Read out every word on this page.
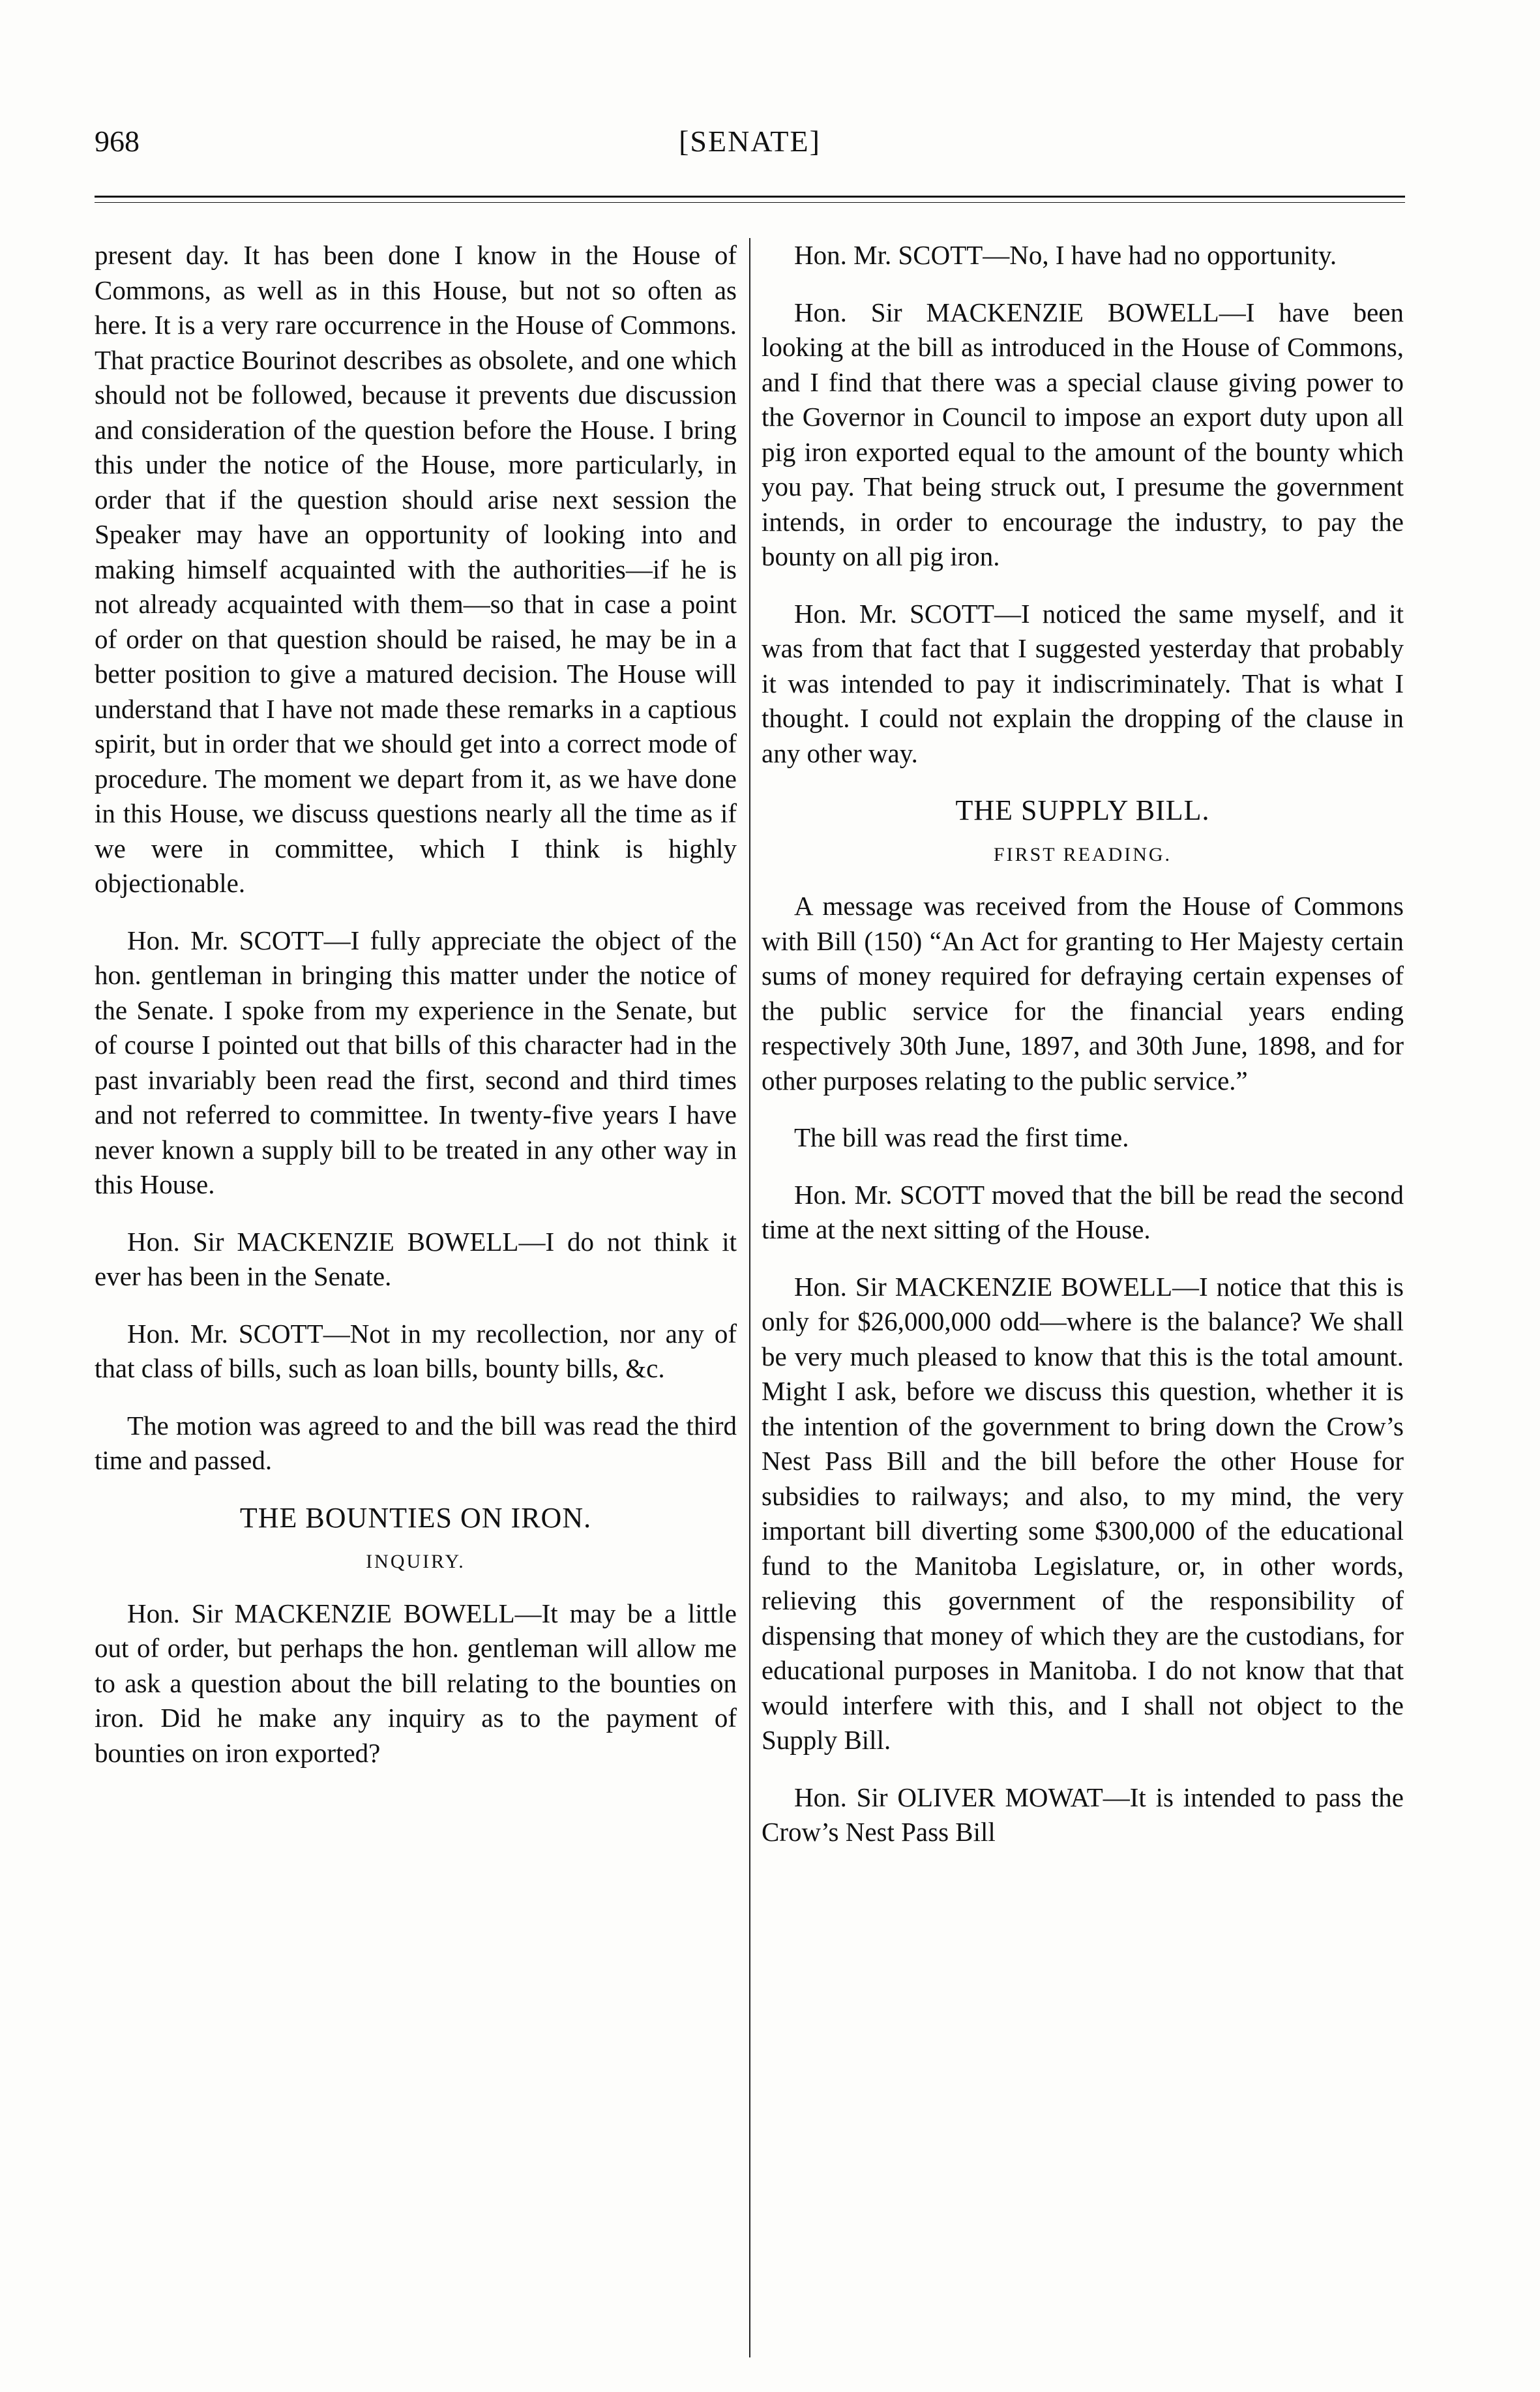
968	[SENATE]

present day. It has been done I know in the House of Commons, as well as in this House, but not so often as here. It is a very rare occurrence in the House of Commons. That practice Bourinot describes as obsolete, and one which should not be followed, because it prevents due discussion and consideration of the question before the House. I bring this under the notice of the House, more particularly, in order that if the question should arise next session the Speaker may have an opportunity of looking into and making himself acquainted with the authorities—if he is not already acquainted with them—so that in case a point of order on that question should be raised, he may be in a better position to give a matured decision. The House will understand that I have not made these remarks in a captious spirit, but in order that we should get into a correct mode of procedure. The moment we depart from it, as we have done in this House, we discuss questions nearly all the time as if we were in committee, which I think is highly objectionable.

Hon. Mr. SCOTT—I fully appreciate the object of the hon. gentleman in bringing this matter under the notice of the Senate. I spoke from my experience in the Senate, but of course I pointed out that bills of this character had in the past invariably been read the first, second and third times and not referred to committee. In twenty-five years I have never known a supply bill to be treated in any other way in this House.

Hon. Sir MACKENZIE BOWELL—I do not think it ever has been in the Senate.

Hon. Mr. SCOTT—Not in my recollection, nor any of that class of bills, such as loan bills, bounty bills, &c.

The motion was agreed to and the bill was read the third time and passed.

THE BOUNTIES ON IRON.
INQUIRY.

Hon. Sir MACKENZIE BOWELL—It may be a little out of order, but perhaps the hon. gentleman will allow me to ask a question about the bill relating to the bounties on iron. Did he make any inquiry as to the payment of bounties on iron exported?

Hon. Mr. SCOTT—No, I have had no opportunity.

Hon. Sir MACKENZIE BOWELL—I have been looking at the bill as introduced in the House of Commons, and I find that there was a special clause giving power to the Governor in Council to impose an export duty upon all pig iron exported equal to the amount of the bounty which you pay. That being struck out, I presume the government intends, in order to encourage the industry, to pay the bounty on all pig iron.

Hon. Mr. SCOTT—I noticed the same myself, and it was from that fact that I suggested yesterday that probably it was intended to pay it indiscriminately. That is what I thought. I could not explain the dropping of the clause in any other way.

THE SUPPLY BILL.
FIRST READING.

A message was received from the House of Commons with Bill (150) “An Act for granting to Her Majesty certain sums of money required for defraying certain expenses of the public service for the financial years ending respectively 30th June, 1897, and 30th June, 1898, and for other purposes relating to the public service.”

The bill was read the first time.

Hon. Mr. SCOTT moved that the bill be read the second time at the next sitting of the House.

Hon. Sir MACKENZIE BOWELL—I notice that this is only for $26,000,000 odd—where is the balance? We shall be very much pleased to know that this is the total amount. Might I ask, before we discuss this question, whether it is the intention of the government to bring down the Crow’s Nest Pass Bill and the bill before the other House for subsidies to railways; and also, to my mind, the very important bill diverting some $300,000 of the educational fund to the Manitoba Legislature, or, in other words, relieving this government of the responsibility of dispensing that money of which they are the custodians, for educational purposes in Manitoba. I do not know that that would interfere with this, and I shall not object to the Supply Bill.

Hon. Sir OLIVER MOWAT—It is intended to pass the Crow’s Nest Pass Bill
